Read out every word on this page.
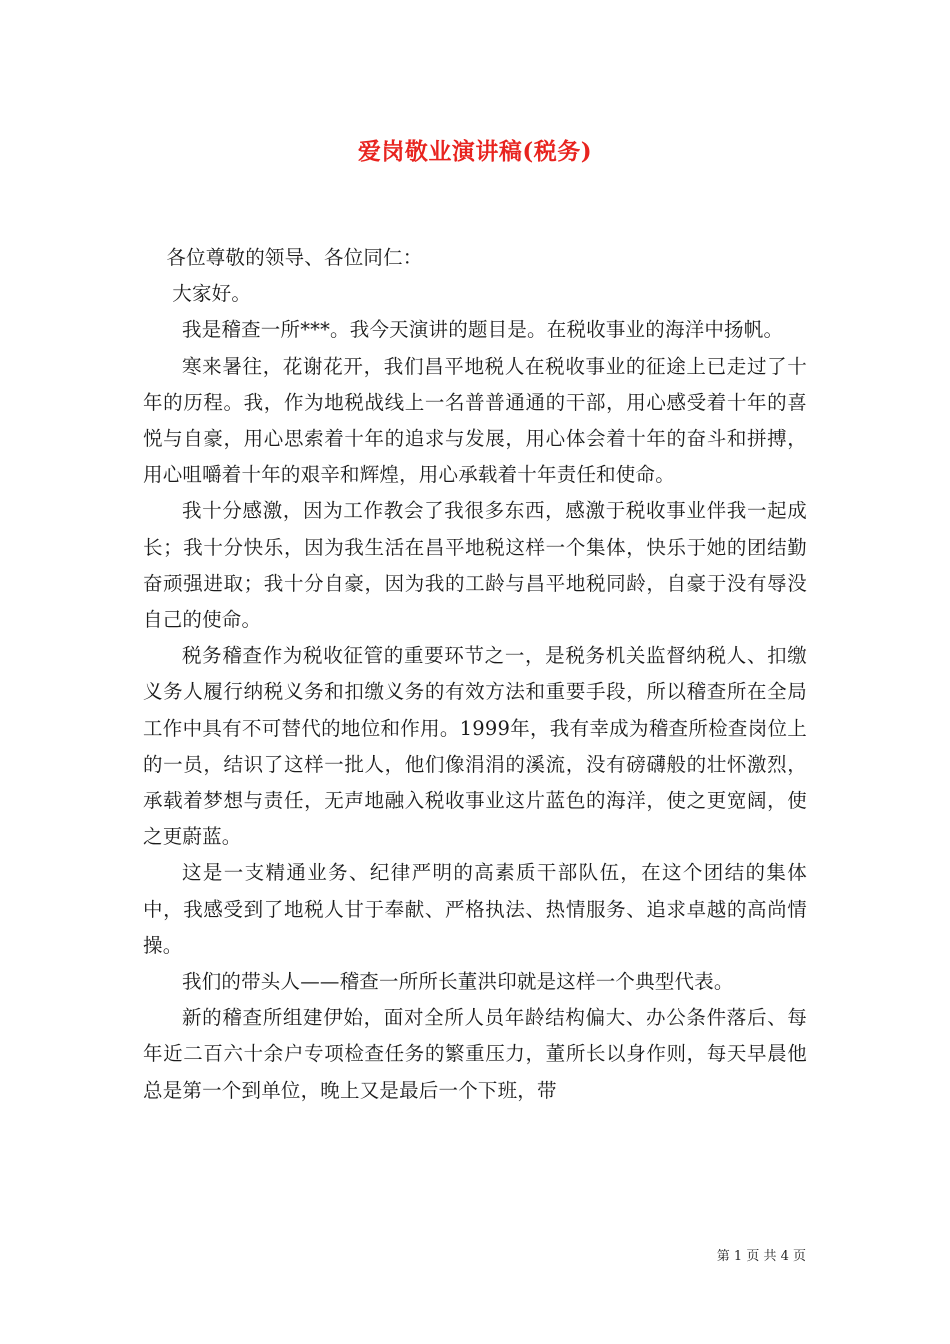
爱岗敬业演讲稿(税务)

各位尊敬的领导、各位同仁：

大家好。

我是稽查一所***。我今天演讲的题目是。在税收事业的海洋中扬帆。

寒来暑往，花谢花开，我们昌平地税人在税收事业的征途上已走过了十年的历程。我，作为地税战线上一名普普通通的干部，用心感受着十年的喜悦与自豪，用心思索着十年的追求与发展，用心体会着十年的奋斗和拼搏，用心咀嚼着十年的艰辛和辉煌，用心承载着十年责任和使命。

我十分感激，因为工作教会了我很多东西，感激于税收事业伴我一起成长；我十分快乐，因为我生活在昌平地税这样一个集体，快乐于她的团结勤奋顽强进取；我十分自豪，因为我的工龄与昌平地税同龄，自豪于没有辱没自己的使命。

税务稽查作为税收征管的重要环节之一，是税务机关监督纳税人、扣缴义务人履行纳税义务和扣缴义务的有效方法和重要手段，所以稽查所在全局工作中具有不可替代的地位和作用。1999年，我有幸成为稽查所检查岗位上的一员，结识了这样一批人，他们像涓涓的溪流，没有磅礴般的壮怀激烈，承载着梦想与责任，无声地融入税收事业这片蓝色的海洋，使之更宽阔，使之更蔚蓝。

这是一支精通业务、纪律严明的高素质干部队伍，在这个团结的集体中，我感受到了地税人甘于奉献、严格执法、热情服务、追求卓越的高尚情操。

我们的带头人——稽查一所所长董洪印就是这样一个典型代表。

新的稽查所组建伊始，面对全所人员年龄结构偏大、办公条件落后、每年近二百六十余户专项检查任务的繁重压力，董所长以身作则，每天早晨他总是第一个到单位，晚上又是最后一个下班，带

第 1 页 共 4 页
